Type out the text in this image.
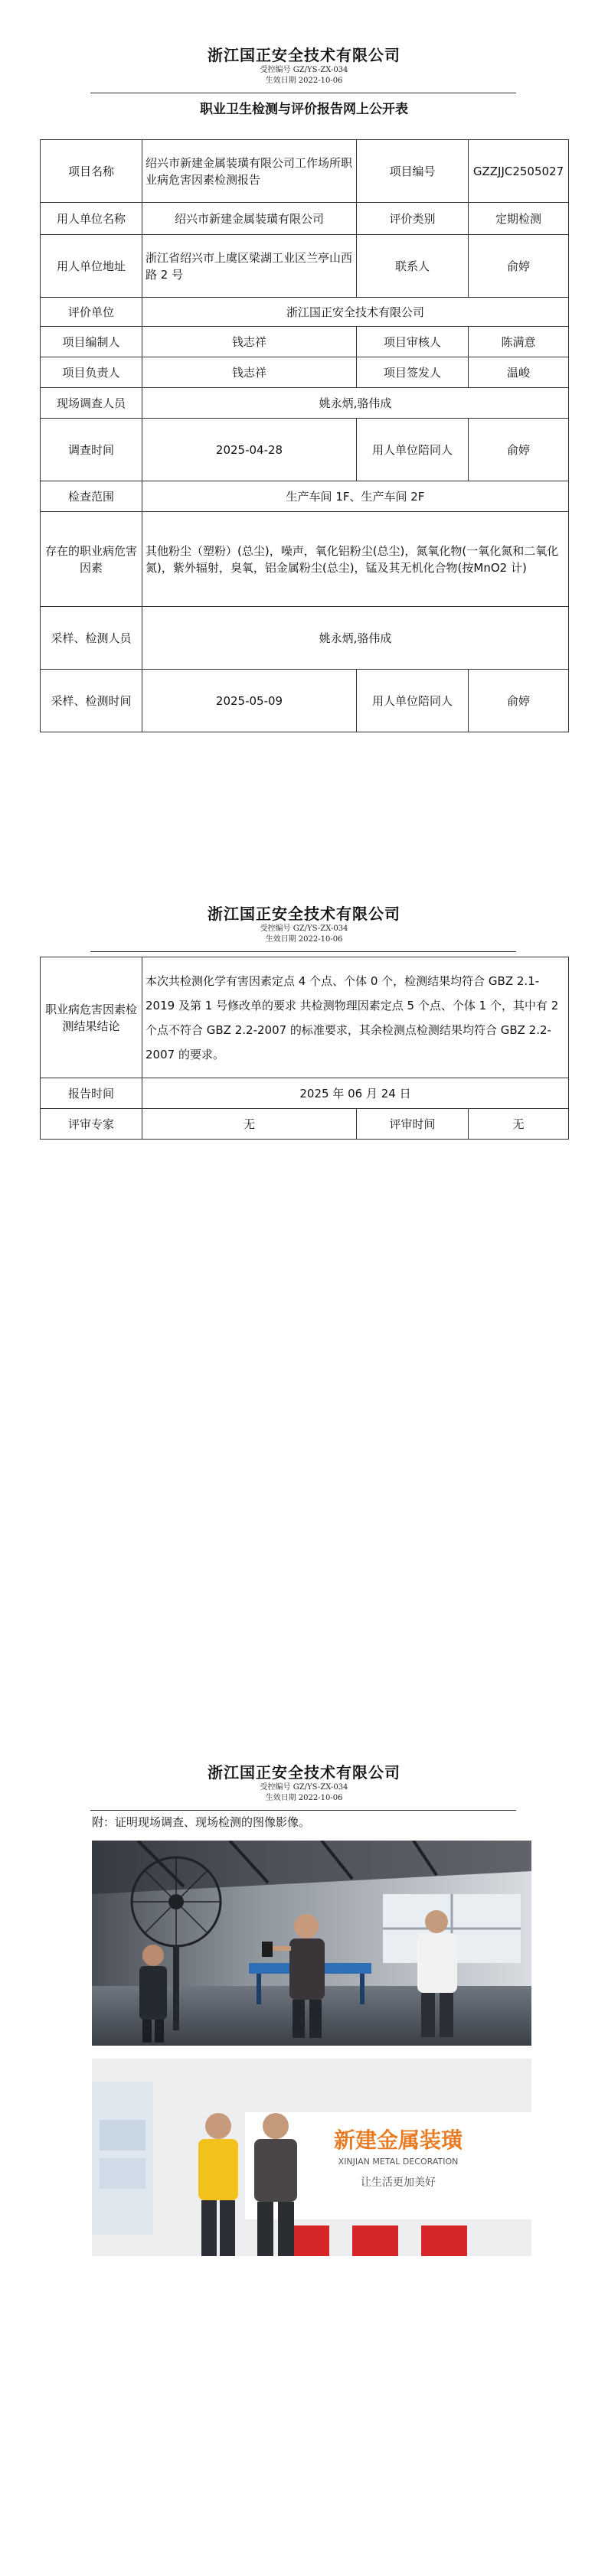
浙江国正安全技术有限公司
受控编号 GZ/YS-ZX-034
生效日期 2022-10-06
职业卫生检测与评价报告网上公开表
项目名称	绍兴市新建金属装璜有限公司工作场所职业病危害因素检测报告	项目编号	GZZJJC2505027
用人单位名称	绍兴市新建金属装璜有限公司	评价类别	定期检测
用人单位地址	浙江省绍兴市上虞区梁湖工业区兰亭山西路 2 号	联系人	俞婷
评价单位	浙江国正安全技术有限公司		
项目编制人	钱志祥	项目审核人	陈满意
项目负责人	钱志祥	项目签发人	温峻
现场调查人员	姚永炳,骆伟成		
调查时间	2025-04-28	用人单位陪同人	俞婷
检查范围	生产车间 1F、生产车间 2F		
存在的职业病危害因素	其他粉尘（塑粉）(总尘)，噪声，氧化铝粉尘(总尘)，氮氧化物(一氧化氮和二氧化氮)，紫外辐射，臭氧，铝金属粉尘(总尘)，锰及其无机化合物(按MnO2 计)		
采样、检测人员	姚永炳,骆伟成		
采样、检测时间	2025-05-09	用人单位陪同人	俞婷
浙江国正安全技术有限公司
受控编号 GZ/YS-ZX-034
生效日期 2022-10-06
职业病危害因素检测结果结论	本次共检测化学有害因素定点 4 个点、个体 0 个，检测结果均符合 GBZ 2.1-2019 及第 1 号修改单的要求 共检测物理因素定点 5 个点、个体 1 个，其中有 2 个点不符合 GBZ 2.2-2007 的标准要求，其余检测点检测结果均符合 GBZ 2.2-2007 的要求。		
报告时间	2025 年 06 月 24 日		
评审专家	无	评审时间	无
浙江国正安全技术有限公司
受控编号 GZ/YS-ZX-034
生效日期 2022-10-06
附：证明现场调查、现场检测的图像影像。
新建金属装璜
XINJIAN METAL DECORATION
让生活更加美好
